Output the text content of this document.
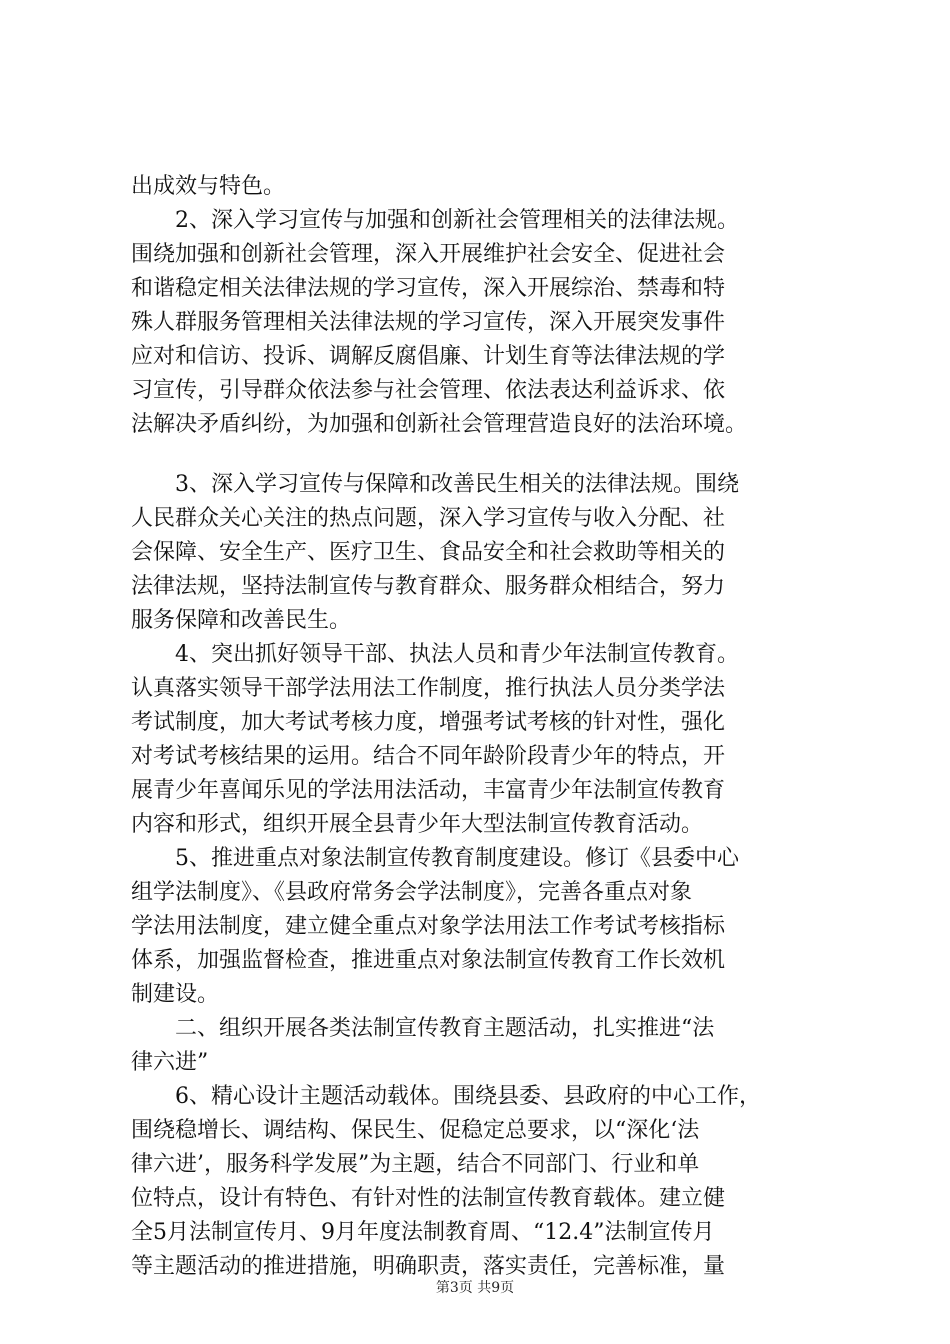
出成效与特色。
　　2、深入学习宣传与加强和创新社会管理相关的法律法规。
围绕加强和创新社会管理，深入开展维护社会安全、促进社会
和谐稳定相关法律法规的学习宣传，深入开展综治、禁毒和特
殊人群服务管理相关法律法规的学习宣传，深入开展突发事件
应对和信访、投诉、调解反腐倡廉、计划生育等法律法规的学
习宣传，引导群众依法参与社会管理、依法表达利益诉求、依
法解决矛盾纠纷，为加强和创新社会管理营造良好的法治环境。
　　3、深入学习宣传与保障和改善民生相关的法律法规。围绕
人民群众关心关注的热点问题，深入学习宣传与收入分配、社
会保障、安全生产、医疗卫生、食品安全和社会救助等相关的
法律法规，坚持法制宣传与教育群众、服务群众相结合，努力
服务保障和改善民生。
　　4、突出抓好领导干部、执法人员和青少年法制宣传教育。
认真落实领导干部学法用法工作制度，推行执法人员分类学法
考试制度，加大考试考核力度，增强考试考核的针对性，强化
对考试考核结果的运用。结合不同年龄阶段青少年的特点，开
展青少年喜闻乐见的学法用法活动，丰富青少年法制宣传教育
内容和形式，组织开展全县青少年大型法制宣传教育活动。
　　5、推进重点对象法制宣传教育制度建设。修订《县委中心
组学法制度》、《县政府常务会学法制度》，完善各重点对象
学法用法制度，建立健全重点对象学法用法工作考试考核指标
体系，加强监督检查，推进重点对象法制宣传教育工作长效机
制建设。
　　二、组织开展各类法制宣传教育主题活动，扎实推进“法
律六进”
　　6、精心设计主题活动载体。围绕县委、县政府的中心工作，
围绕稳增长、调结构、保民生、促稳定总要求，以“深化‘法
律六进’，服务科学发展”为主题，结合不同部门、行业和单
位特点，设计有特色、有针对性的法制宣传教育载体。建立健
全5月法制宣传月、9月年度法制教育周、“12.4”法制宣传月
等主题活动的推进措施，明确职责，落实责任，完善标准，量
第3页 共9页
